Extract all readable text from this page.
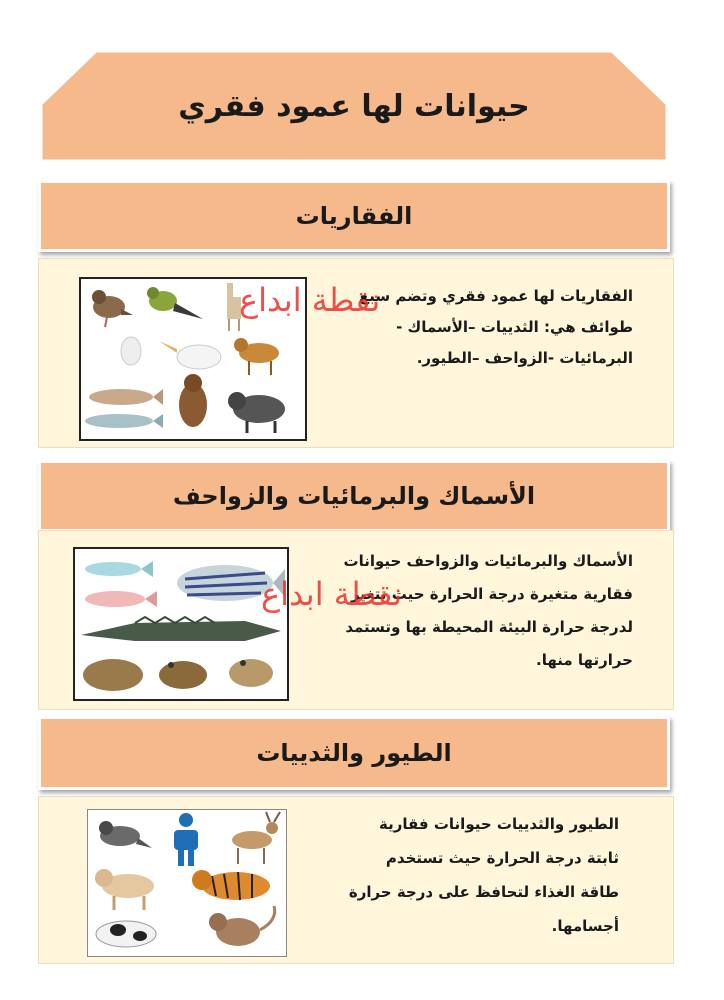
حيوانات لها عمود فقري
الفقاريات
الفقاريات لها عمود فقري وتضم سبع
طوائف هي: الثدييات –الأسماك -
البرمائيات -الزواحف –الطيور.
نقطة ابداع
الأسماك والبرمائيات والزواحف
الأسماك والبرمائيات والزواحف حيوانات
فقارية متغيرة درجة الحرارة حيث تتغير
لدرجة حرارة البيئة المحيطة بها وتستمد
حرارتها منها.
نقطة ابداع
الطيور والثدييات
الطيور والثدييات حيوانات فقارية
ثابتة درجة الحرارة حيث تستخدم
طاقة الغذاء لتحافظ على درجة حرارة
أجسامها.
